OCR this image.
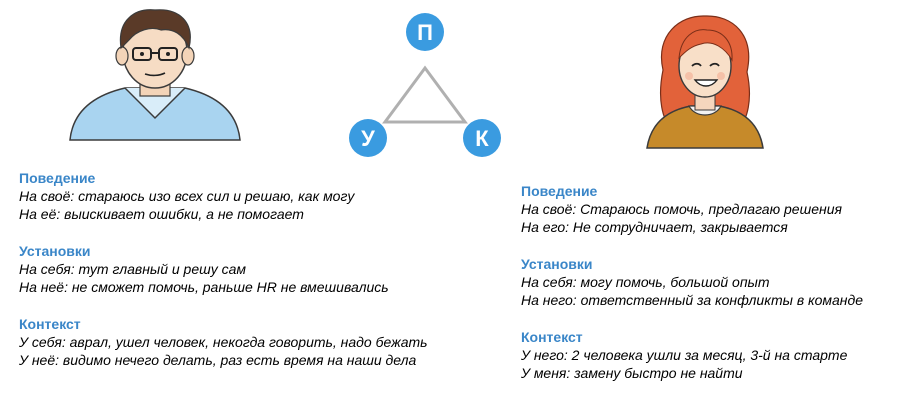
П
У	К

Поведение

На своё: стараюсь изо всех сил и решаю, как могу

На её: выискивает ошибки, а не помогает

Установки

На себя: тут главный и решу сам

На неё: не сможет помочь, раньше HR не вмешивались

Контекст

У себя: аврал, ушел человек, некогда говорить, надо бежать

У неё: видимо нечего делать, раз есть время на наши дела

Поведение

На своё: Стараюсь помочь, предлагаю решения

На его: Не сотрудничает, закрывается

Установки

На себя: могу помочь, большой опыт

На него: ответственный за конфликты в команде

Контекст

У него: 2 человека ушли за месяц, 3-й на старте

У меня: замену быстро не найти
